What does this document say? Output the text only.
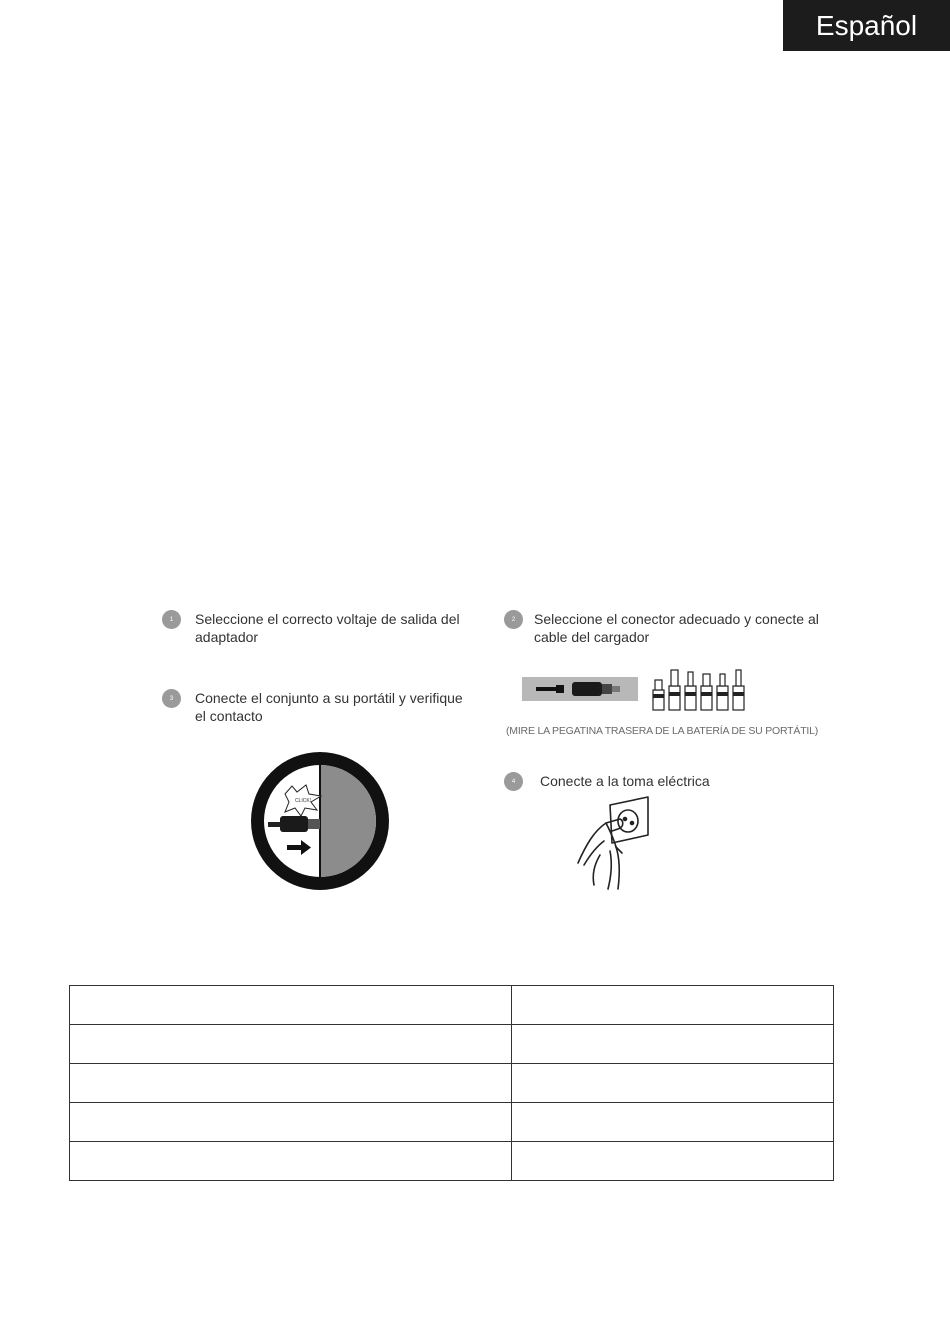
Español
1	Seleccione el correcto voltaje de salida del
adaptador
2	Seleccione el conector adecuado y conecte al
cable del cargador
3	Conecte el conjunto a su portátil y verifique
el contacto
4	Conecte a la toma eléctrica
(MIRE LA PEGATINA TRASERA DE LA BATERÍA DE SU PORTÁTIL)
CLICK!
